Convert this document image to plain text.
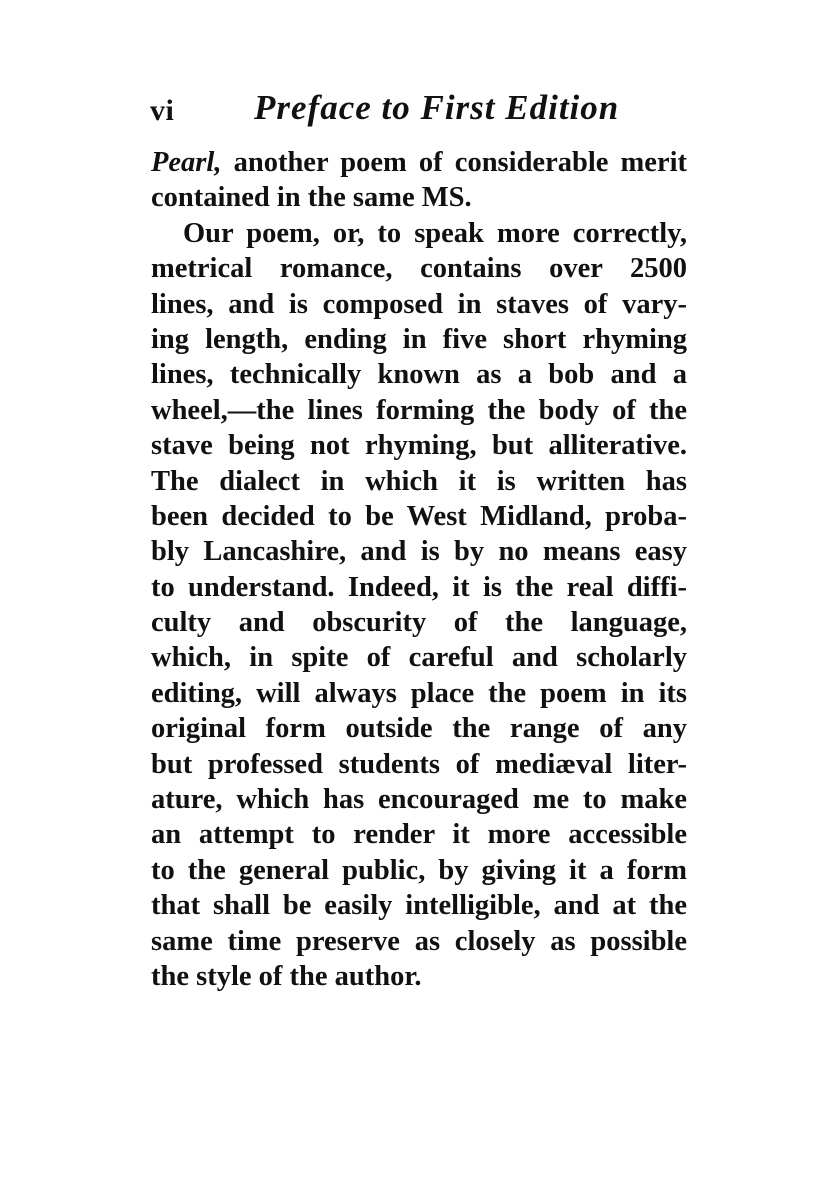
vi Preface to First Edition
Pearl, another poem of considerable merit
contained in the same MS.
Our poem, or, to speak more correctly,
metrical romance, contains over 2500
lines, and is composed in staves of vary-
ing length, ending in five short rhyming
lines, technically known as a bob and a
wheel,—the lines forming the body of the
stave being not rhyming, but alliterative.
The dialect in which it is written has
been decided to be West Midland, proba-
bly Lancashire, and is by no means easy
to understand. Indeed, it is the real diffi-
culty and obscurity of the language,
which, in spite of careful and scholarly
editing, will always place the poem in its
original form outside the range of any
but professed students of mediæval liter-
ature, which has encouraged me to make
an attempt to render it more accessible
to the general public, by giving it a form
that shall be easily intelligible, and at the
same time preserve as closely as possible
the style of the author.
